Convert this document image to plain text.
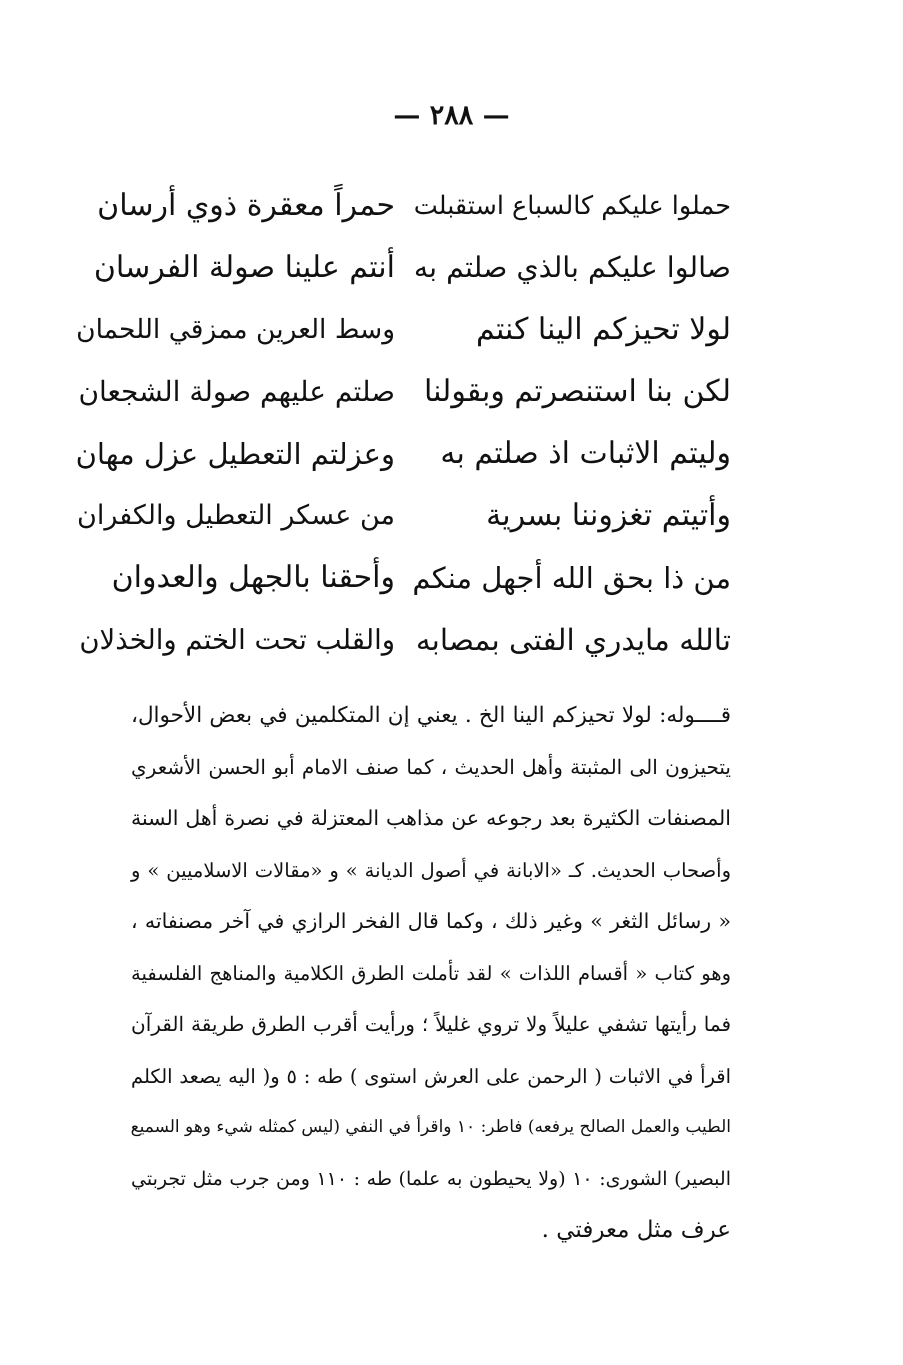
— ٢٨٨ —
حملوا عليكم كالسباع استقبلت
حمراً معقرة ذوي أرسان
صالوا عليكم بالذي صلتم به
أنتم علينا صولة الفرسان
لولا تحيزكم الينا كنتم
وسط العرين ممزقي اللحمان
لكن بنا استنصرتم وبقولنا
صلتم عليهم صولة الشجعان
وليتم الاثبات اذ صلتم به
وعزلتم التعطيل عزل مهان
وأتيتم تغزوننا بسرية
من عسكر التعطيل والكفران
من ذا بحق الله أجهل منكم
وأحقنا بالجهل والعدوان
تالله مايدري الفتى بمصابه
والقلب تحت الختم والخذلان
قــــوله: لولا تحيزكم الينا الخ . يعني إن المتكلمين في بعض الأحوال،
يتحيزون الى المثبتة وأهل الحديث ، كما صنف الامام أبو الحسن الأشعري
المصنفات الكثيرة بعد رجوعه عن مذاهب المعتزلة في نصرة أهل السنة
وأصحاب الحديث. كـ «الابانة في أصول الديانة » و «مقالات الاسلاميين » و
« رسائل الثغر » وغير ذلك ، وكما قال الفخر الرازي في آخر مصنفاته ،
وهو كتاب « أقسام اللذات » لقد تأملت الطرق الكلامية والمناهج الفلسفية
فما رأيتها تشفي عليلاً ولا تروي غليلاً ؛ ورأيت أقرب الطرق طريقة القرآن
اقرأ في الاثبات ( الرحمن على العرش استوى ) طه : ٥ و( اليه يصعد الكلم
الطيب والعمل الصالح يرفعه) فاطر: ١٠ واقرأ في النفي (ليس كمثله شيء وهو السميع
البصير) الشورى: ١٠ (ولا يحيطون به علما) طه : ١١٠ ومن جرب مثل تجربتي
عرف مثل معرفتي .
